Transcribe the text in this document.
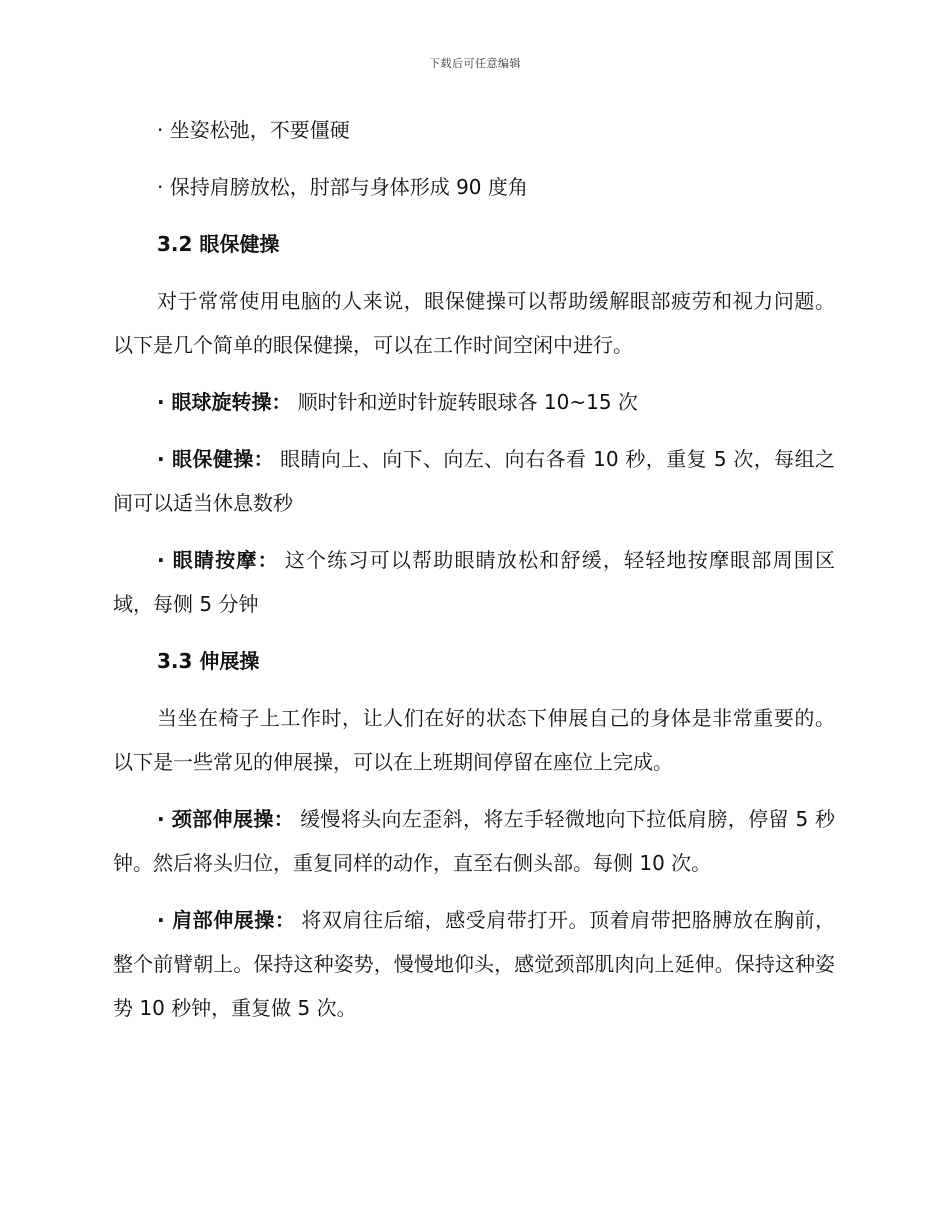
下载后可任意编辑
· 坐姿松弛，不要僵硬
· 保持肩膀放松，肘部与身体形成 90 度角
3.2 眼保健操
对于常常使用电脑的人来说，眼保健操可以帮助缓解眼部疲劳和视力问题。以下是几个简单的眼保健操，可以在工作时间空闲中进行。
· 眼球旋转操： 顺时针和逆时针旋转眼球各 10~15 次
· 眼保健操： 眼睛向上、向下、向左、向右各看 10 秒，重复 5 次，每组之间可以适当休息数秒
· 眼睛按摩： 这个练习可以帮助眼睛放松和舒缓，轻轻地按摩眼部周围区域，每侧 5 分钟
3.3 伸展操
当坐在椅子上工作时，让人们在好的状态下伸展自己的身体是非常重要的。以下是一些常见的伸展操，可以在上班期间停留在座位上完成。
· 颈部伸展操： 缓慢将头向左歪斜，将左手轻微地向下拉低肩膀，停留 5 秒钟。然后将头归位，重复同样的动作，直至右侧头部。每侧 10 次。
· 肩部伸展操： 将双肩往后缩，感受肩带打开。顶着肩带把胳膊放在胸前，整个前臂朝上。保持这种姿势，慢慢地仰头，感觉颈部肌肉向上延伸。保持这种姿势 10 秒钟，重复做 5 次。
